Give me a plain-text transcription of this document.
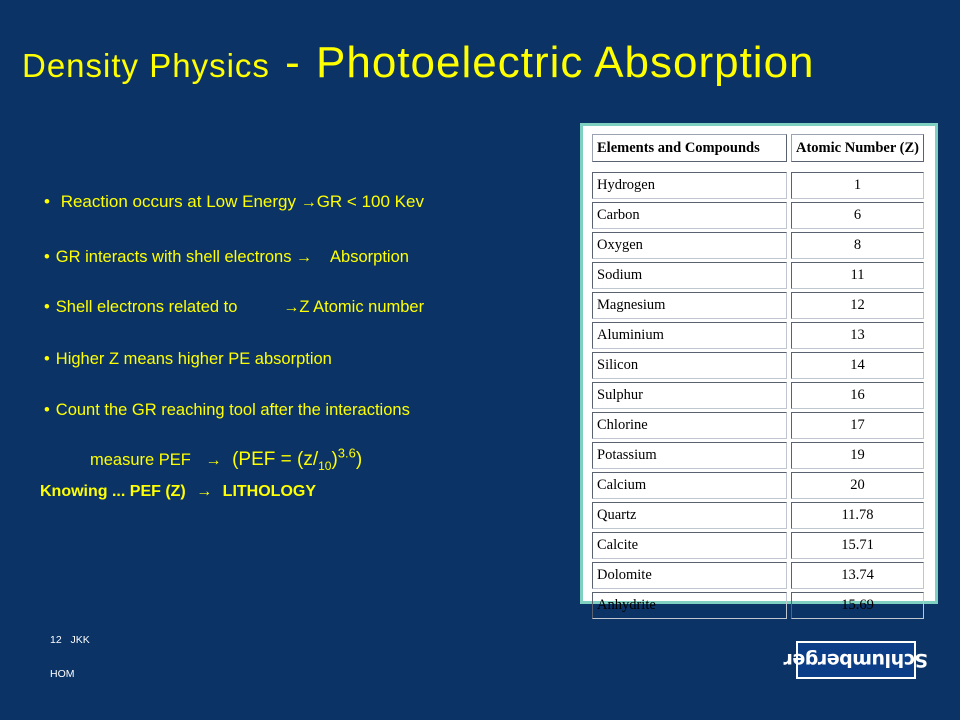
Density Physics - Photoelectric Absorption
• Reaction occurs at Low Energy →GR < 100 Kev
• GR interacts with shell electrons → Absorption
• Shell electrons related to	→Z Atomic number
• Higher Z means higher PE absorption
• Count the GR reaching tool after the interactions
measure PEF → $(PEF = (z/_{10})^{3.6})$
Knowing ... PEF (Z) → LITHOLOGY
Elements and Compounds	Atomic Number (Z)

Hydrogen	1
Carbon	6
Oxygen	8
Sodium	11
Magnesium	12
Aluminium	13
Silicon	14
Sulphur	16
Chlorine	17
Potassium	19
Calcium	20
Quartz	11.78
Calcite	15.71
Dolomite	13.74
Anhydrite	15.69
12 JKK
HOM
Schlumberger
